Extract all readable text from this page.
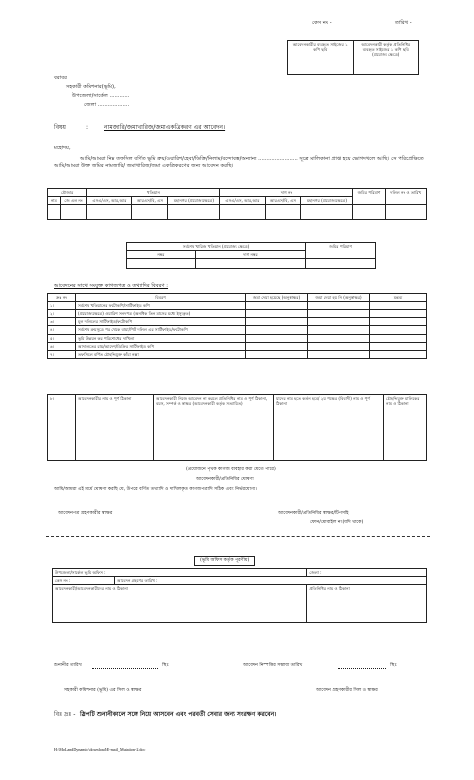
কেস নং -	তারিখ -
আবেদনকারীর ব্যবহৃত সাইজের ১ কপি ছবি	আবেদনকারী কর্তৃক প্রতিনিধির ব্যবহৃত সাইজের ১ কপি ছবি (প্রযোজ্য ক্ষেত্রে)
বরাবর
সহকারী কমিশনার(ভূমি),
উপজেলা/সার্কেল ............
জেলা ...................
বিষয়	:	নামজারি/জমাখারিজ/জমাএকত্রিকরণ এর আবেদন।
মহোদয়,
আমি/আমরা নিম্ন তফসিল বর্ণিত ভূমি ক্রয়/ওয়ারিশ/হেবা/ডিক্রি/নিলাম/বন্দোবস্ত/অন্যান্য ........................ সূত্রে মালিকানা প্রাপ্ত হয়ে ভোগদখলে আছি। সে পরিপ্রেক্ষিতে আমি/আমরা উক্ত জমির নামজারি/ জমাখারিজ/জমা একত্রিকরণের জন্য আবেদন করছি।
মৌজার		খতিয়ান			দাগ নং			জমির পরিমাণ	দলিল নং ও তারিখ
নাম	জে এল নং	এসএ/এস, আর,আর	আরএস/বি, এস	মহানগর (প্রযোজ্যক্ষেত্রে)	এসএ/এস, আর,আর	আরএস/বি, এস	মহানগর (প্রযোজ্যক্ষেত্রে)		

সর্বশেষ খারিজ খতিয়ান (প্রযোজ্য ক্ষেত্রে)		জমির পরিমাণ
নম্বর	দাগ নম্বর	

আবেদনের সাথে সংযুক্ত কাগজপত্র ও তথ্যাদির বিবরণ :
ক্রঃ নং	বিবরণ	জমা দেয়া হয়েছে (অনুস্বাক্ষর)	জমা দেয়া হয় নি (অনুস্বাক্ষর)	মন্তব্য
১।	সর্বশেষ খতিয়ানের ফটোকপি/সার্টিফাইড কপি			
২।	(প্রযোজ্যক্ষেত্রে) ওয়ারিশ সনদপত্র (অনধিক তিন মাসের মধ্যে ইস্যুকৃত)			
৩।	মূল দলিলের সার্টিফাইড/ফটোকপি			
৪।	সর্বশেষ ক্রয়সূত্রে পর থেকে বায়া/পিট দলিল এর সার্টিফাইড/ফটোকপি			
৫।	ভূমি উন্নয়ন কর পরিশোধের দাখিলা			
৬।	আদালতের রায়/আদেশ/ডিক্রির সার্টিফাইড কপি			
৭।	তফসিলে বর্ণিত চৌহদ্দিযুক্ত কাঁচা নক্সা			
৮।	আবেদনকারীর নাম ও পূর্ণ ঠিকানা	আবেদনকারী নিজে আবেদন না করলে প্রতিনিধির নাম ও পূর্ণ ঠিকানা, বয়স, সম্পর্ক ও স্বাক্ষর (আবেদনকারী কর্তৃক সত্যায়িত)	যাদের নাম হতে কর্তন হবে/ ২য় পক্ষের (বিবাদী) নাম ও পূর্ণ ঠিকানা	চৌহদ্দিযুক্ত মালিকের নাম ও ঠিকানা
(প্রয়োজনে পৃথক কাগজ ব্যবহার করা যেতে পারে)
আবেদনকারী/প্রতিনিধির ঘোষণা
আমি/আমরা এই মর্মে ঘোষণা করছি যে, উপরে বর্ণিত তথ্যাদি ও দাখিলকৃত কাগজপত্রাদি সঠিক এবং নির্ভরযোগ্য।
আবেদনপত্র গ্রহণকারীর স্বাক্ষর	আবেদনকারী/প্রতিনিধির স্বাক্ষর/টিপসহি
ফোন/মোবাইল নং(যদি থাকে)
(ভূমি অফিস কর্তৃক পূরণীয়)
উপজেলা/সার্কেল ভূমি অফিস :	জেলা :

কেস নং : আবেদন গ্রহণের তারিখ :	

আবেদনকারী/আবেদনকারীদের নাম ও ঠিকানা	প্রতিনিধির নাম ও ঠিকানা
শুনানীর তারিখ	স্থিঃ	আবেদন নিস্পত্তির সম্ভাব্য তারিখ	স্থিঃ
সহকারী কমিশনার (ভূমি) এর সিল ও স্বাক্ষর	আবেদন গ্রহণকারীর সিল ও স্বাক্ষর
বিঃ দ্রঃ - স্লিপটি শুনানীকালে সঙ্গে নিয়ে আসবেন এবং পরবর্তী সেবার জন্য সংরক্ষণ করবেন।
H:\MoLandDynamic\download\E-mail_Mutation-2.doc
